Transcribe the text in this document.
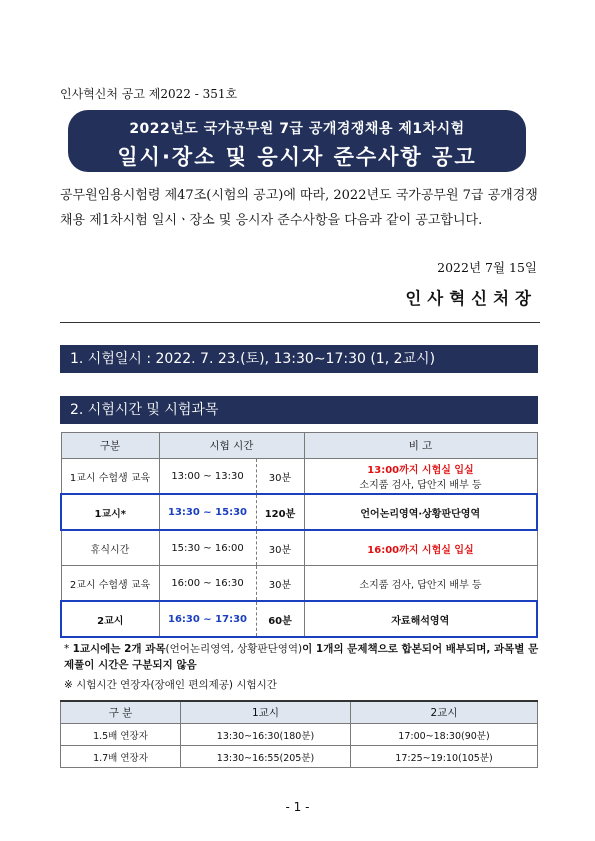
인사혁신처 공고 제2022 - 351호
2022년도 국가공무원 7급 공개경쟁채용 제1차시험
일시·장소 및 응시자 준수사항 공고
공무원임용시험령 제47조(시험의 공고)에 따라, 2022년도 국가공무원 7급 공개경쟁채용 제1차시험 일시ㆍ장소 및 응시자 준수사항을 다음과 같이 공고합니다.
2022년 7월 15일
인사혁신처장
1. 시험일시 : 2022. 7. 23.(토), 13:30∼17:30 (1, 2교시)
2. 시험시간 및 시험과목
구분	시험 시간		비 고
1교시 수험생 교육	13:00 ~ 13:30	30분	13:00까지 시험실 입실
소지품 검사, 답안지 배부 등

1교시*	13:30 ~ 15:30	120분	언어논리영역·상황판단영역
휴식시간	15:30 ~ 16:00	30분	16:00까지 시험실 입실
2교시 수험생 교육	16:00 ~ 16:30	30분	소지품 검사, 답안지 배부 등
2교시	16:30 ~ 17:30	60분	자료해석영역
* 1교시에는 2개 과목(언어논리영역, 상황판단영역)이 1개의 문제책으로 합본되어 배부되며, 과목별 문제풀이 시간은 구분되지 않음
※ 시험시간 연장자(장애인 편의제공) 시험시간
구 분	1교시	2교시
1.5배 연장자	13:30~16:30(180분)	17:00~18:30(90분)
1.7배 연장자	13:30~16:55(205분)	17:25~19:10(105분)
- 1 -
